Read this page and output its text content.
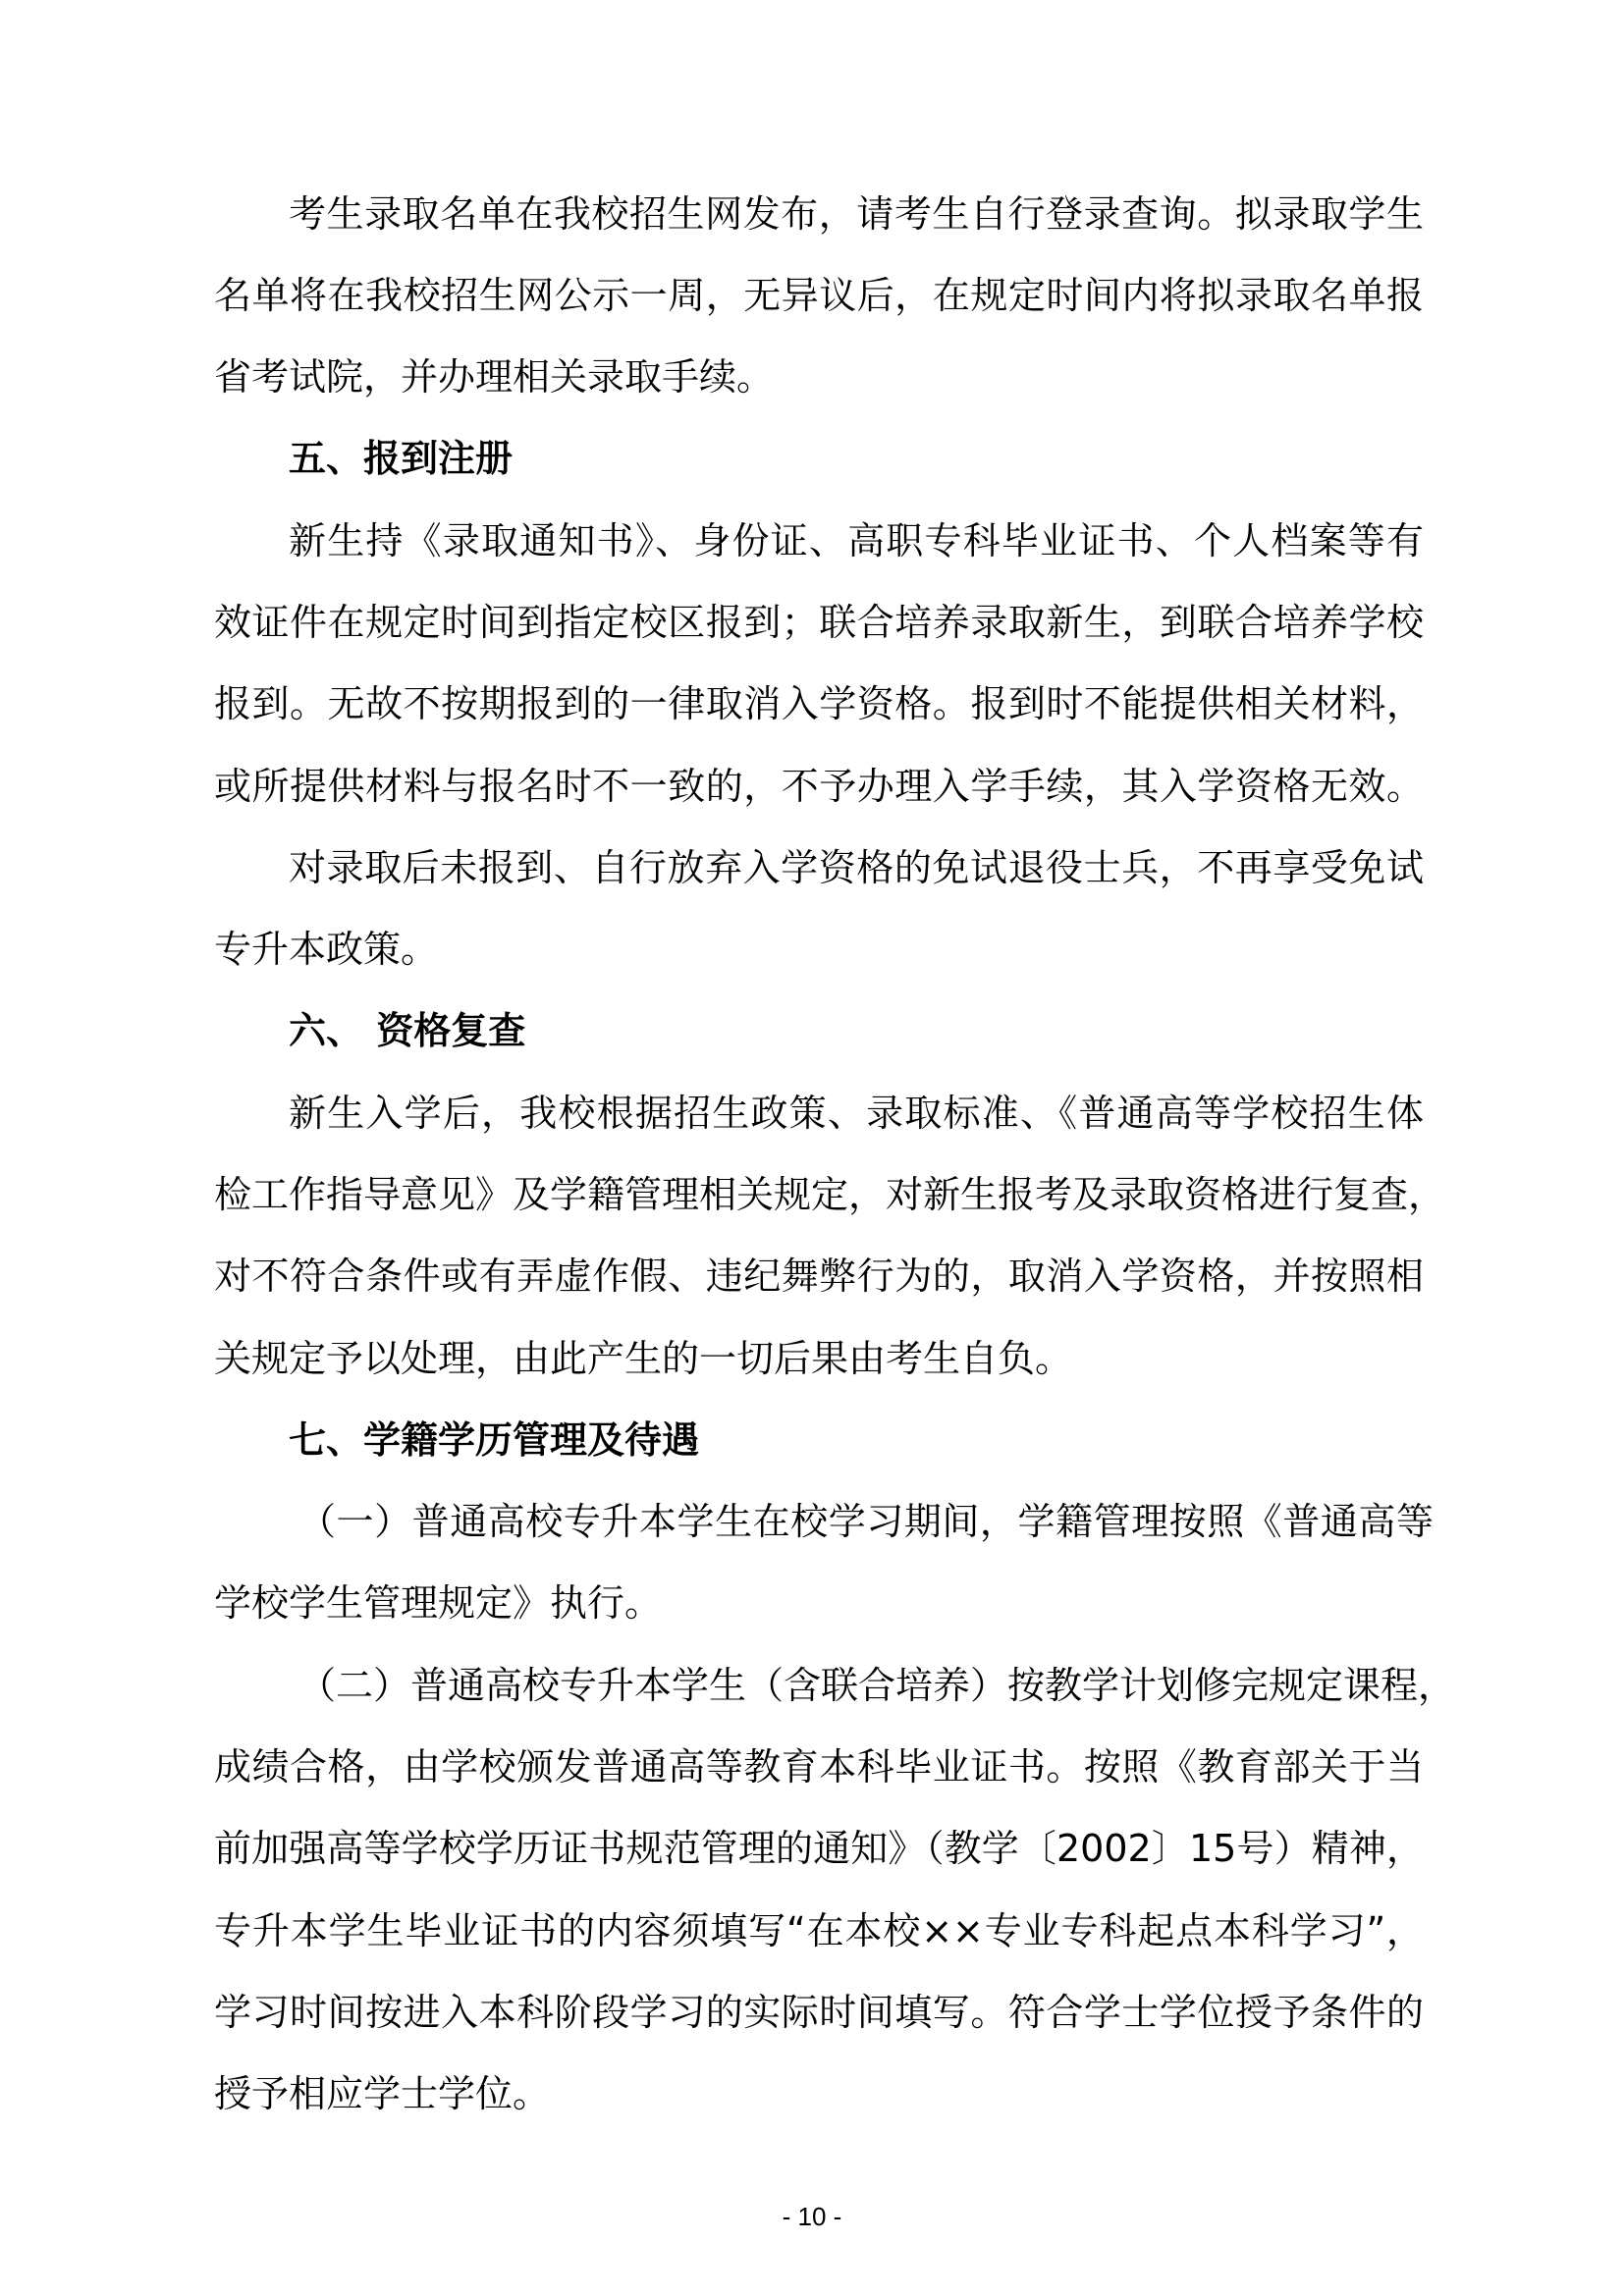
考生录取名单在我校招生网发布，请考生自行登录查询。拟录取学生
名单将在我校招生网公示一周，无异议后，在规定时间内将拟录取名单报
省考试院，并办理相关录取手续。
五、报到注册
新生持《录取通知书》、身份证、高职专科毕业证书、个人档案等有
效证件在规定时间到指定校区报到；联合培养录取新生，到联合培养学校
报到。无故不按期报到的一律取消入学资格。报到时不能提供相关材料，
或所提供材料与报名时不一致的，不予办理入学手续，其入学资格无效。
对录取后未报到、自行放弃入学资格的免试退役士兵，不再享受免试
专升本政策。
六、 资格复查
新生入学后，我校根据招生政策、录取标准、《普通高等学校招生体
检工作指导意见》及学籍管理相关规定，对新生报考及录取资格进行复查，
对不符合条件或有弄虚作假、违纪舞弊行为的，取消入学资格，并按照相
关规定予以处理，由此产生的一切后果由考生自负。
七、学籍学历管理及待遇
（一）普通高校专升本学生在校学习期间，学籍管理按照《普通高等
学校学生管理规定》执行。
（二）普通高校专升本学生（含联合培养）按教学计划修完规定课程，
成绩合格，由学校颁发普通高等教育本科毕业证书。按照《教育部关于当
前加强高等学校学历证书规范管理的通知》（教学〔2002〕15号）精神，
专升本学生毕业证书的内容须填写“在本校××专业专科起点本科学习”，
学习时间按进入本科阶段学习的实际时间填写。符合学士学位授予条件的
授予相应学士学位。
- 10 -
